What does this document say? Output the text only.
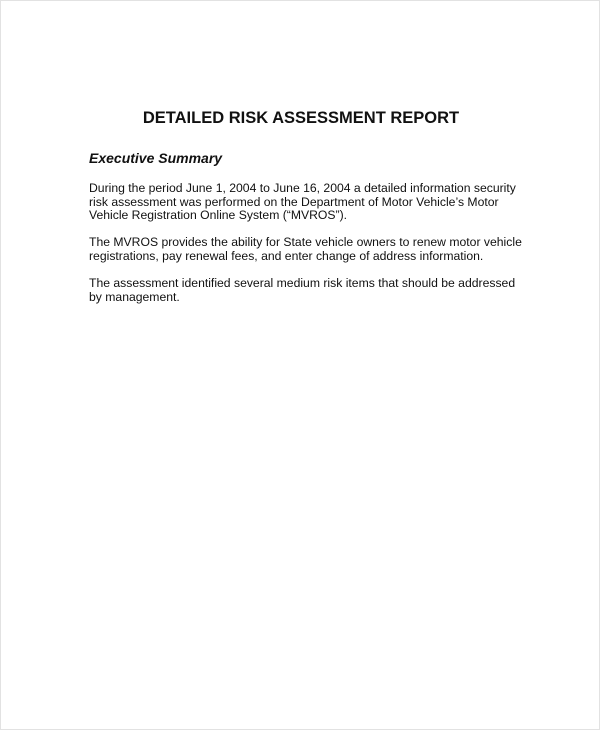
DETAILED RISK ASSESSMENT REPORT
Executive Summary
During the period June 1, 2004 to June 16, 2004 a detailed information security
risk assessment was performed on the Department of Motor Vehicle’s Motor
Vehicle Registration Online System (“MVROS”).
The MVROS provides the ability for State vehicle owners to renew motor vehicle
registrations, pay renewal fees, and enter change of address information.
The assessment identified several medium risk items that should be addressed
by management.
